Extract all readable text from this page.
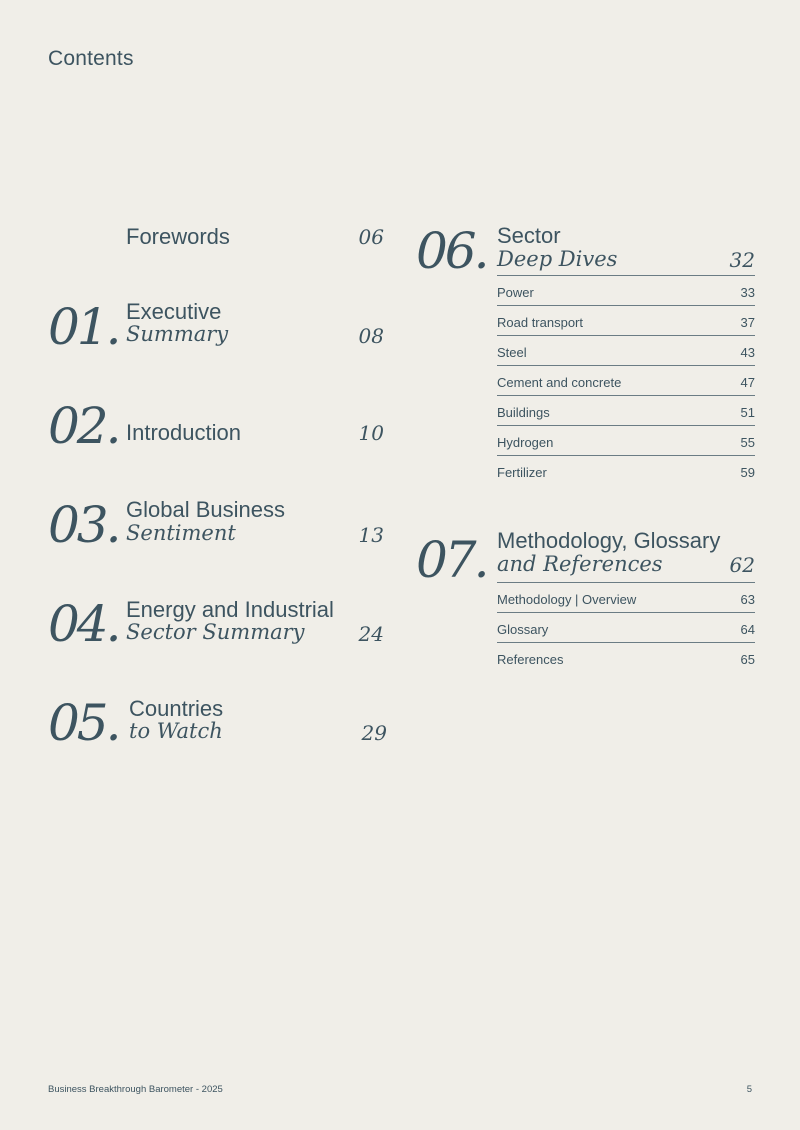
Contents
Forewords	06
01. Executive
Summary	08
02. Introduction	10
03. Global Business
Sentiment	13
04. Energy and Industrial
Sector Summary	24
05. Countries
to Watch	29
06. Sector
Deep Dives	32
Power	33
Road transport	37
Steel	43
Cement and concrete	47
Buildings	51
Hydrogen	55
Fertilizer	59
07. Methodology, Glossary
and References	62
Methodology | Overview	63
Glossary	64
References	65
Business Breakthrough Barometer - 2025	5
